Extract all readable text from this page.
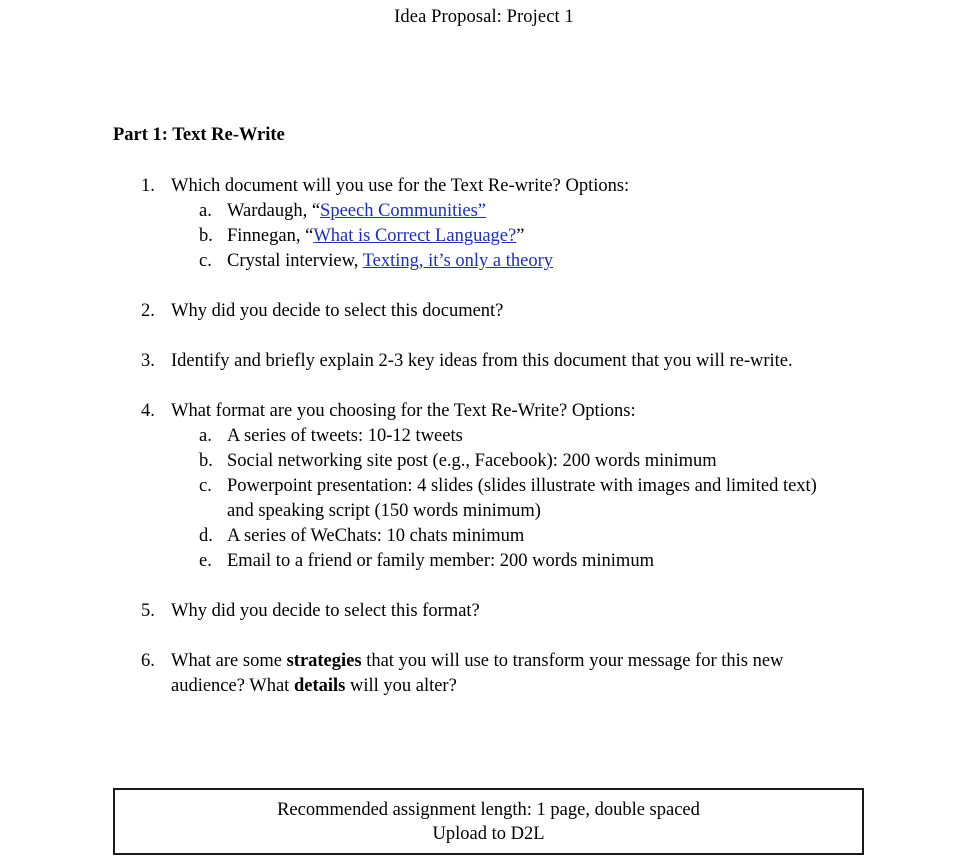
Idea Proposal: Project 1
Part 1: Text Re-Write
1. Which document will you use for the Text Re-write? Options:
a. Wardaugh, “Speech Communities”
b. Finnegan, “What is Correct Language?”
c. Crystal interview, Texting, it’s only a theory
2. Why did you decide to select this document?
3. Identify and briefly explain 2-3 key ideas from this document that you will re-write.
4. What format are you choosing for the Text Re-Write? Options:
a. A series of tweets: 10-12 tweets
b. Social networking site post (e.g., Facebook): 200 words minimum
c. Powerpoint presentation: 4 slides (slides illustrate with images and limited text) and speaking script (150 words minimum)
d. A series of WeChats: 10 chats minimum
e. Email to a friend or family member: 200 words minimum
5. Why did you decide to select this format?
6. What are some strategies that you will use to transform your message for this new audience? What details will you alter?
Recommended assignment length: 1 page, double spaced
Upload to D2L
